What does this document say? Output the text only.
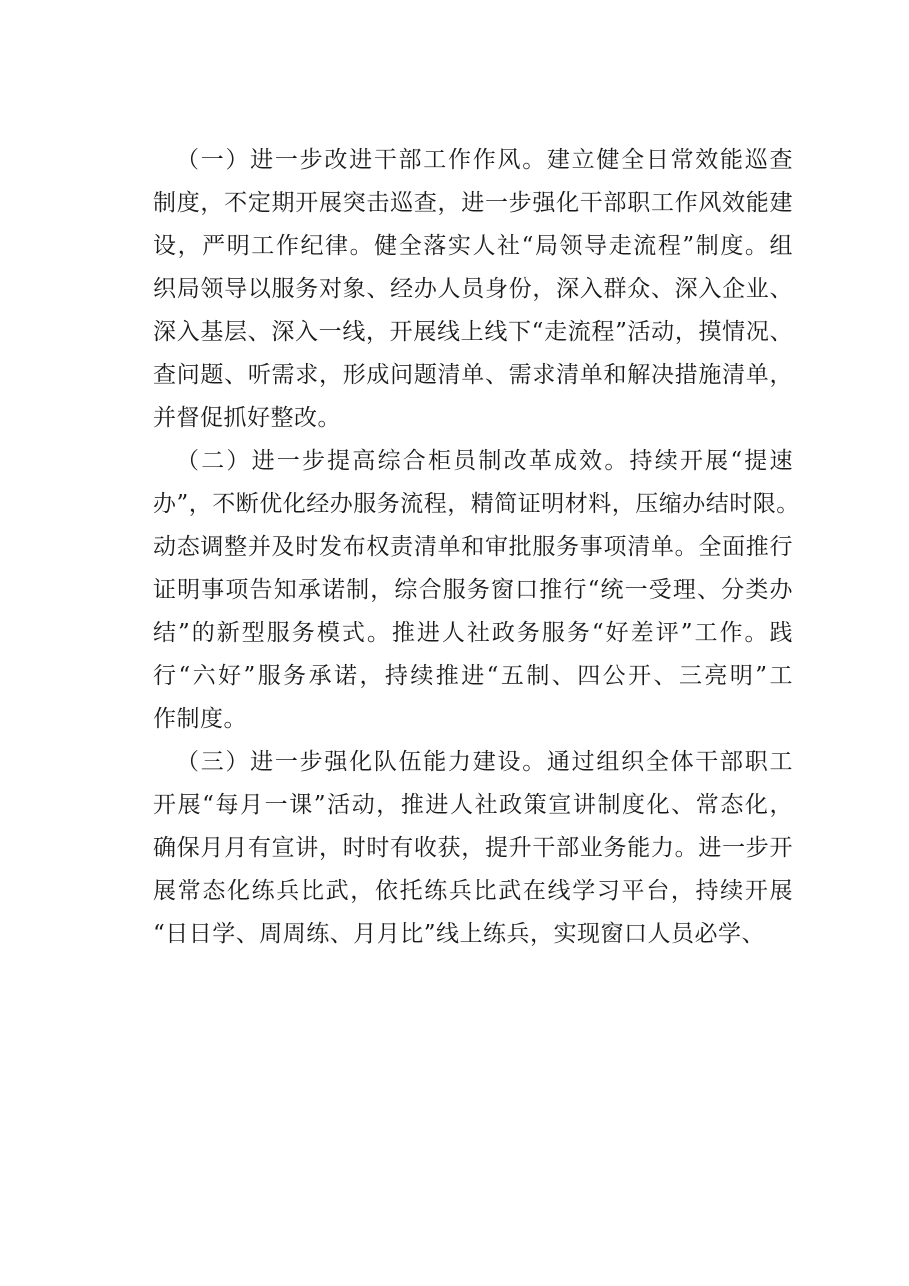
（一）进一步改进干部工作作风。建立健全日常效能巡查
制度，不定期开展突击巡查，进一步强化干部职工作风效能建
设，严明工作纪律。健全落实人社“局领导走流程”制度。组
织局领导以服务对象、经办人员身份，深入群众、深入企业、
深入基层、深入一线，开展线上线下“走流程”活动，摸情况、
查问题、听需求，形成问题清单、需求清单和解决措施清单，
并督促抓好整改。
（二）进一步提高综合柜员制改革成效。持续开展“提速
办”，不断优化经办服务流程，精简证明材料，压缩办结时限。
动态调整并及时发布权责清单和审批服务事项清单。全面推行
证明事项告知承诺制，综合服务窗口推行“统一受理、分类办
结”的新型服务模式。推进人社政务服务“好差评”工作。践
行“六好”服务承诺，持续推进“五制、四公开、三亮明”工
作制度。
（三）进一步强化队伍能力建设。通过组织全体干部职工
开展“每月一课”活动，推进人社政策宣讲制度化、常态化，
确保月月有宣讲，时时有收获，提升干部业务能力。进一步开
展常态化练兵比武，依托练兵比武在线学习平台，持续开展
“日日学、周周练、月月比”线上练兵，实现窗口人员必学、
